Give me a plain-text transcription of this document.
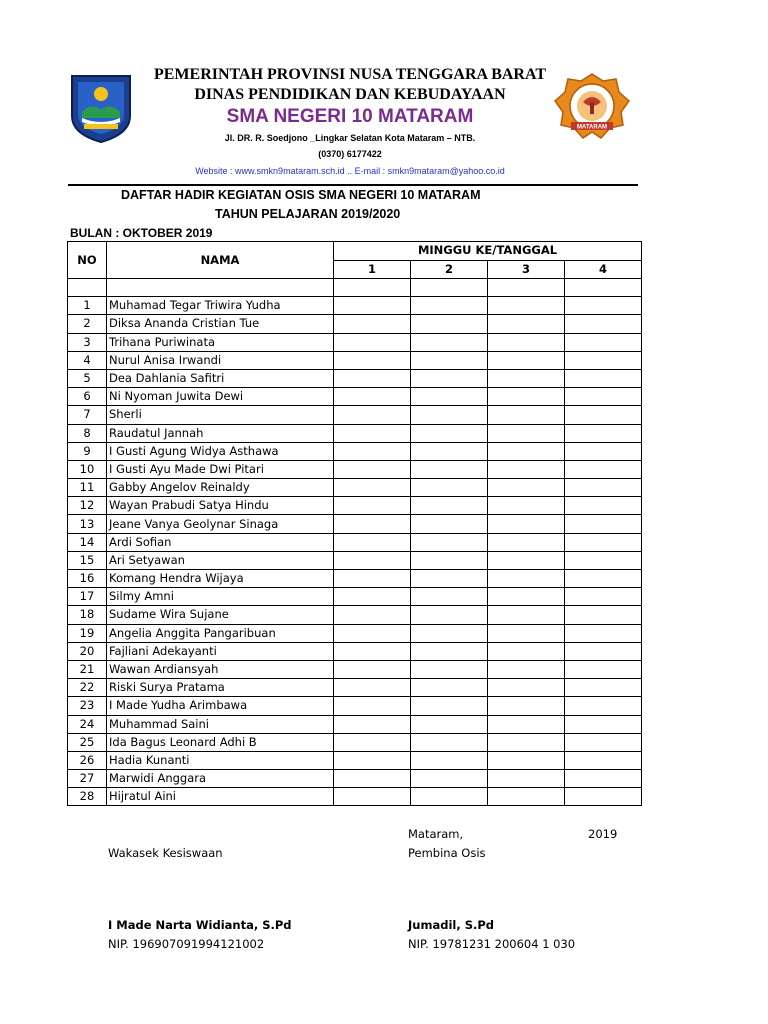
MATARAM
PEMERINTAH PROVINSI NUSA TENGGARA BARAT
DINAS PENDIDIKAN DAN KEBUDAYAAN
SMA NEGERI 10 MATARAM
Jl. DR. R. Soedjono _Lingkar Selatan Kota Mataram – NTB.
(0370) 6177422
Website : www.smkn9mataram.sch.id .. E-mail : smkn9mataram@yahoo.co.id
DAFTAR HADIR KEGIATAN OSIS SMA NEGERI 10 MATARAM
TAHUN PELAJARAN 2019/2020
BULAN : OKTOBER 2019
NO	NAMA	MINGGU KE/TANGGAL			
		1	2	3	4

1	Muhamad Tegar Triwira Yudha				
2	Diksa Ananda Cristian Tue				
3	Trihana Puriwinata				
4	Nurul Anisa Irwandi				
5	Dea Dahlania Safitri				
6	Ni Nyoman Juwita Dewi				
7	Sherli				
8	Raudatul Jannah				
9	I Gusti Agung Widya Asthawa				
10	I Gusti Ayu Made Dwi Pitari				
11	Gabby Angelov Reinaldy				
12	Wayan Prabudi Satya Hindu				
13	Jeane Vanya Geolynar Sinaga				
14	Ardi Sofian				
15	Ari Setyawan				
16	Komang Hendra Wijaya				
17	Silmy Amni				
18	Sudame Wira Sujane				
19	Angelia Anggita Pangaribuan				
20	Fajliani Adekayanti				
21	Wawan Ardiansyah				
22	Riski Surya Pratama				
23	I Made Yudha Arimbawa				
24	Muhammad Saini				
25	Ida Bagus Leonard Adhi B				
26	Hadia Kunanti				
27	Marwidi Anggara				
28	Hijratul Aini				
Mataram,	2019
Wakasek Kesiswaan	Pembina Osis
I Made Narta Widianta, S.Pd	Jumadil, S.Pd
NIP. 196907091994121002	NIP. 19781231 200604 1 030
